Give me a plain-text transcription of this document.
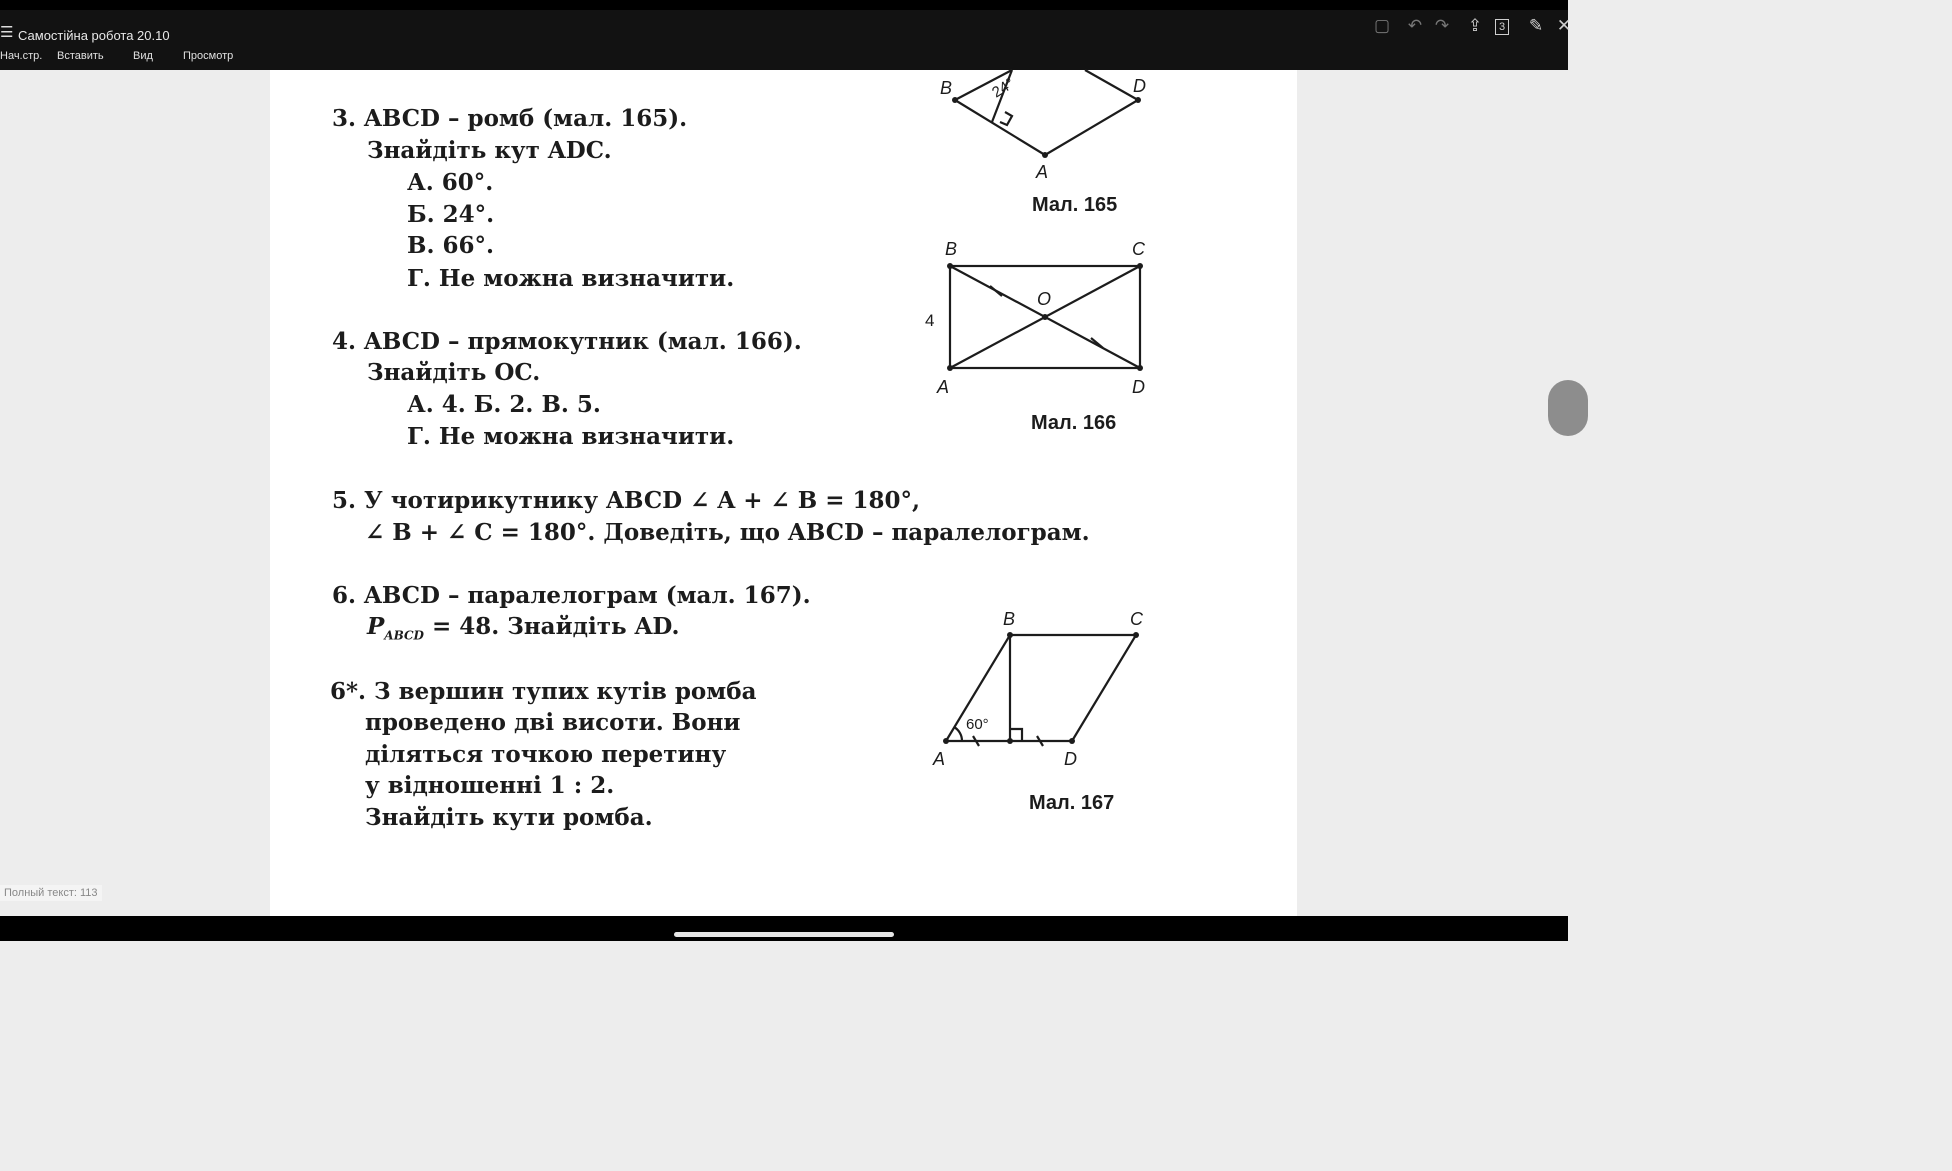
☰ Самостійна робота 20.10
Нач.стр. Вставить	Вид	Просмотр
▢ ↶ ↷ ⇪	3 ✎ ✕
3. ABCD – ромб (мал. 165).
Знайдіть кут ADC.
А. 60°.
Б. 24°.
В. 66°.
Г. Не можна визначити.
4. ABCD – прямокутник (мал. 166).
Знайдіть OC.
А. 4. Б. 2. В. 5.
Г. Не можна визначити.
5. У чотирикутнику ABCD ∠ A + ∠ B = 180°,
∠ B + ∠ C = 180°. Доведіть, що ABCD – паралелограм.
6. ABCD – паралелограм (мал. 167).
$P_{ABCD} = 48$. Знайдіть AD.
6*. З вершин тупих кутів ромба
проведено дві висоти. Вони
діляться точкою перетину
у відношенні 1 : 2.
Знайдіть кути ромба.
B	D
A
24°
Мал. 165
B	C
A	D
O
4
Мал. 166
B	C
A	D
60°
Мал. 167
Полный текст: 113
